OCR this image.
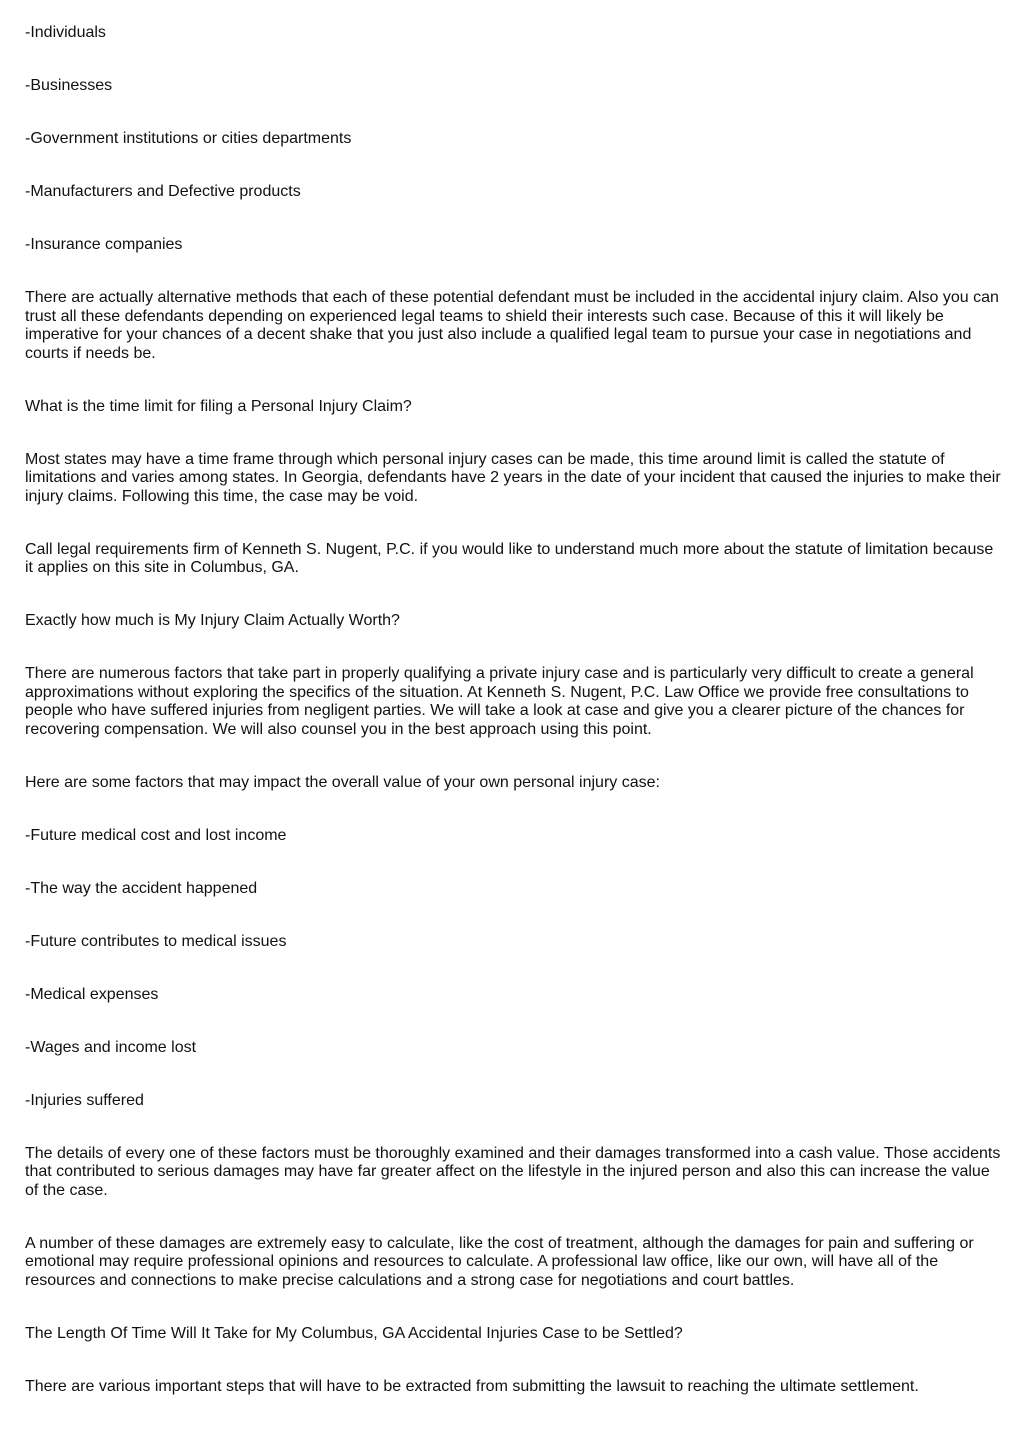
-Individuals

-Businesses

-Government institutions or cities departments

-Manufacturers and Defective products

-Insurance companies

There are actually alternative methods that each of these potential defendant must be included in the accidental injury claim. Also you can trust all these defendants depending on experienced legal teams to shield their interests such case. Because of this it will likely be imperative for your chances of a decent shake that you just also include a qualified legal team to pursue your case in negotiations and courts if needs be.

What is the time limit for filing a Personal Injury Claim?

Most states may have a time frame through which personal injury cases can be made, this time around limit is called the statute of limitations and varies among states. In Georgia, defendants have 2 years in the date of your incident that caused the injuries to make their injury claims. Following this time, the case may be void.

Call legal requirements firm of Kenneth S. Nugent, P.C. if you would like to understand much more about the statute of limitation because it applies on this site in Columbus, GA.

Exactly how much is My Injury Claim Actually Worth?

There are numerous factors that take part in properly qualifying a private injury case and is particularly very difficult to create a general approximations without exploring the specifics of the situation. At Kenneth S. Nugent, P.C. Law Office we provide free consultations to people who have suffered injuries from negligent parties. We will take a look at case and give you a clearer picture of the chances for recovering compensation. We will also counsel you in the best approach using this point.

Here are some factors that may impact the overall value of your own personal injury case:

-Future medical cost and lost income

-The way the accident happened

-Future contributes to medical issues

-Medical expenses

-Wages and income lost

-Injuries suffered

The details of every one of these factors must be thoroughly examined and their damages transformed into a cash value. Those accidents that contributed to serious damages may have far greater affect on the lifestyle in the injured person and also this can increase the value of the case.

A number of these damages are extremely easy to calculate, like the cost of treatment, although the damages for pain and suffering or emotional may require professional opinions and resources to calculate. A professional law office, like our own, will have all of the resources and connections to make precise calculations and a strong case for negotiations and court battles.

The Length Of Time Will It Take for My Columbus, GA Accidental Injuries Case to be Settled?

There are various important steps that will have to be extracted from submitting the lawsuit to reaching the ultimate settlement.
